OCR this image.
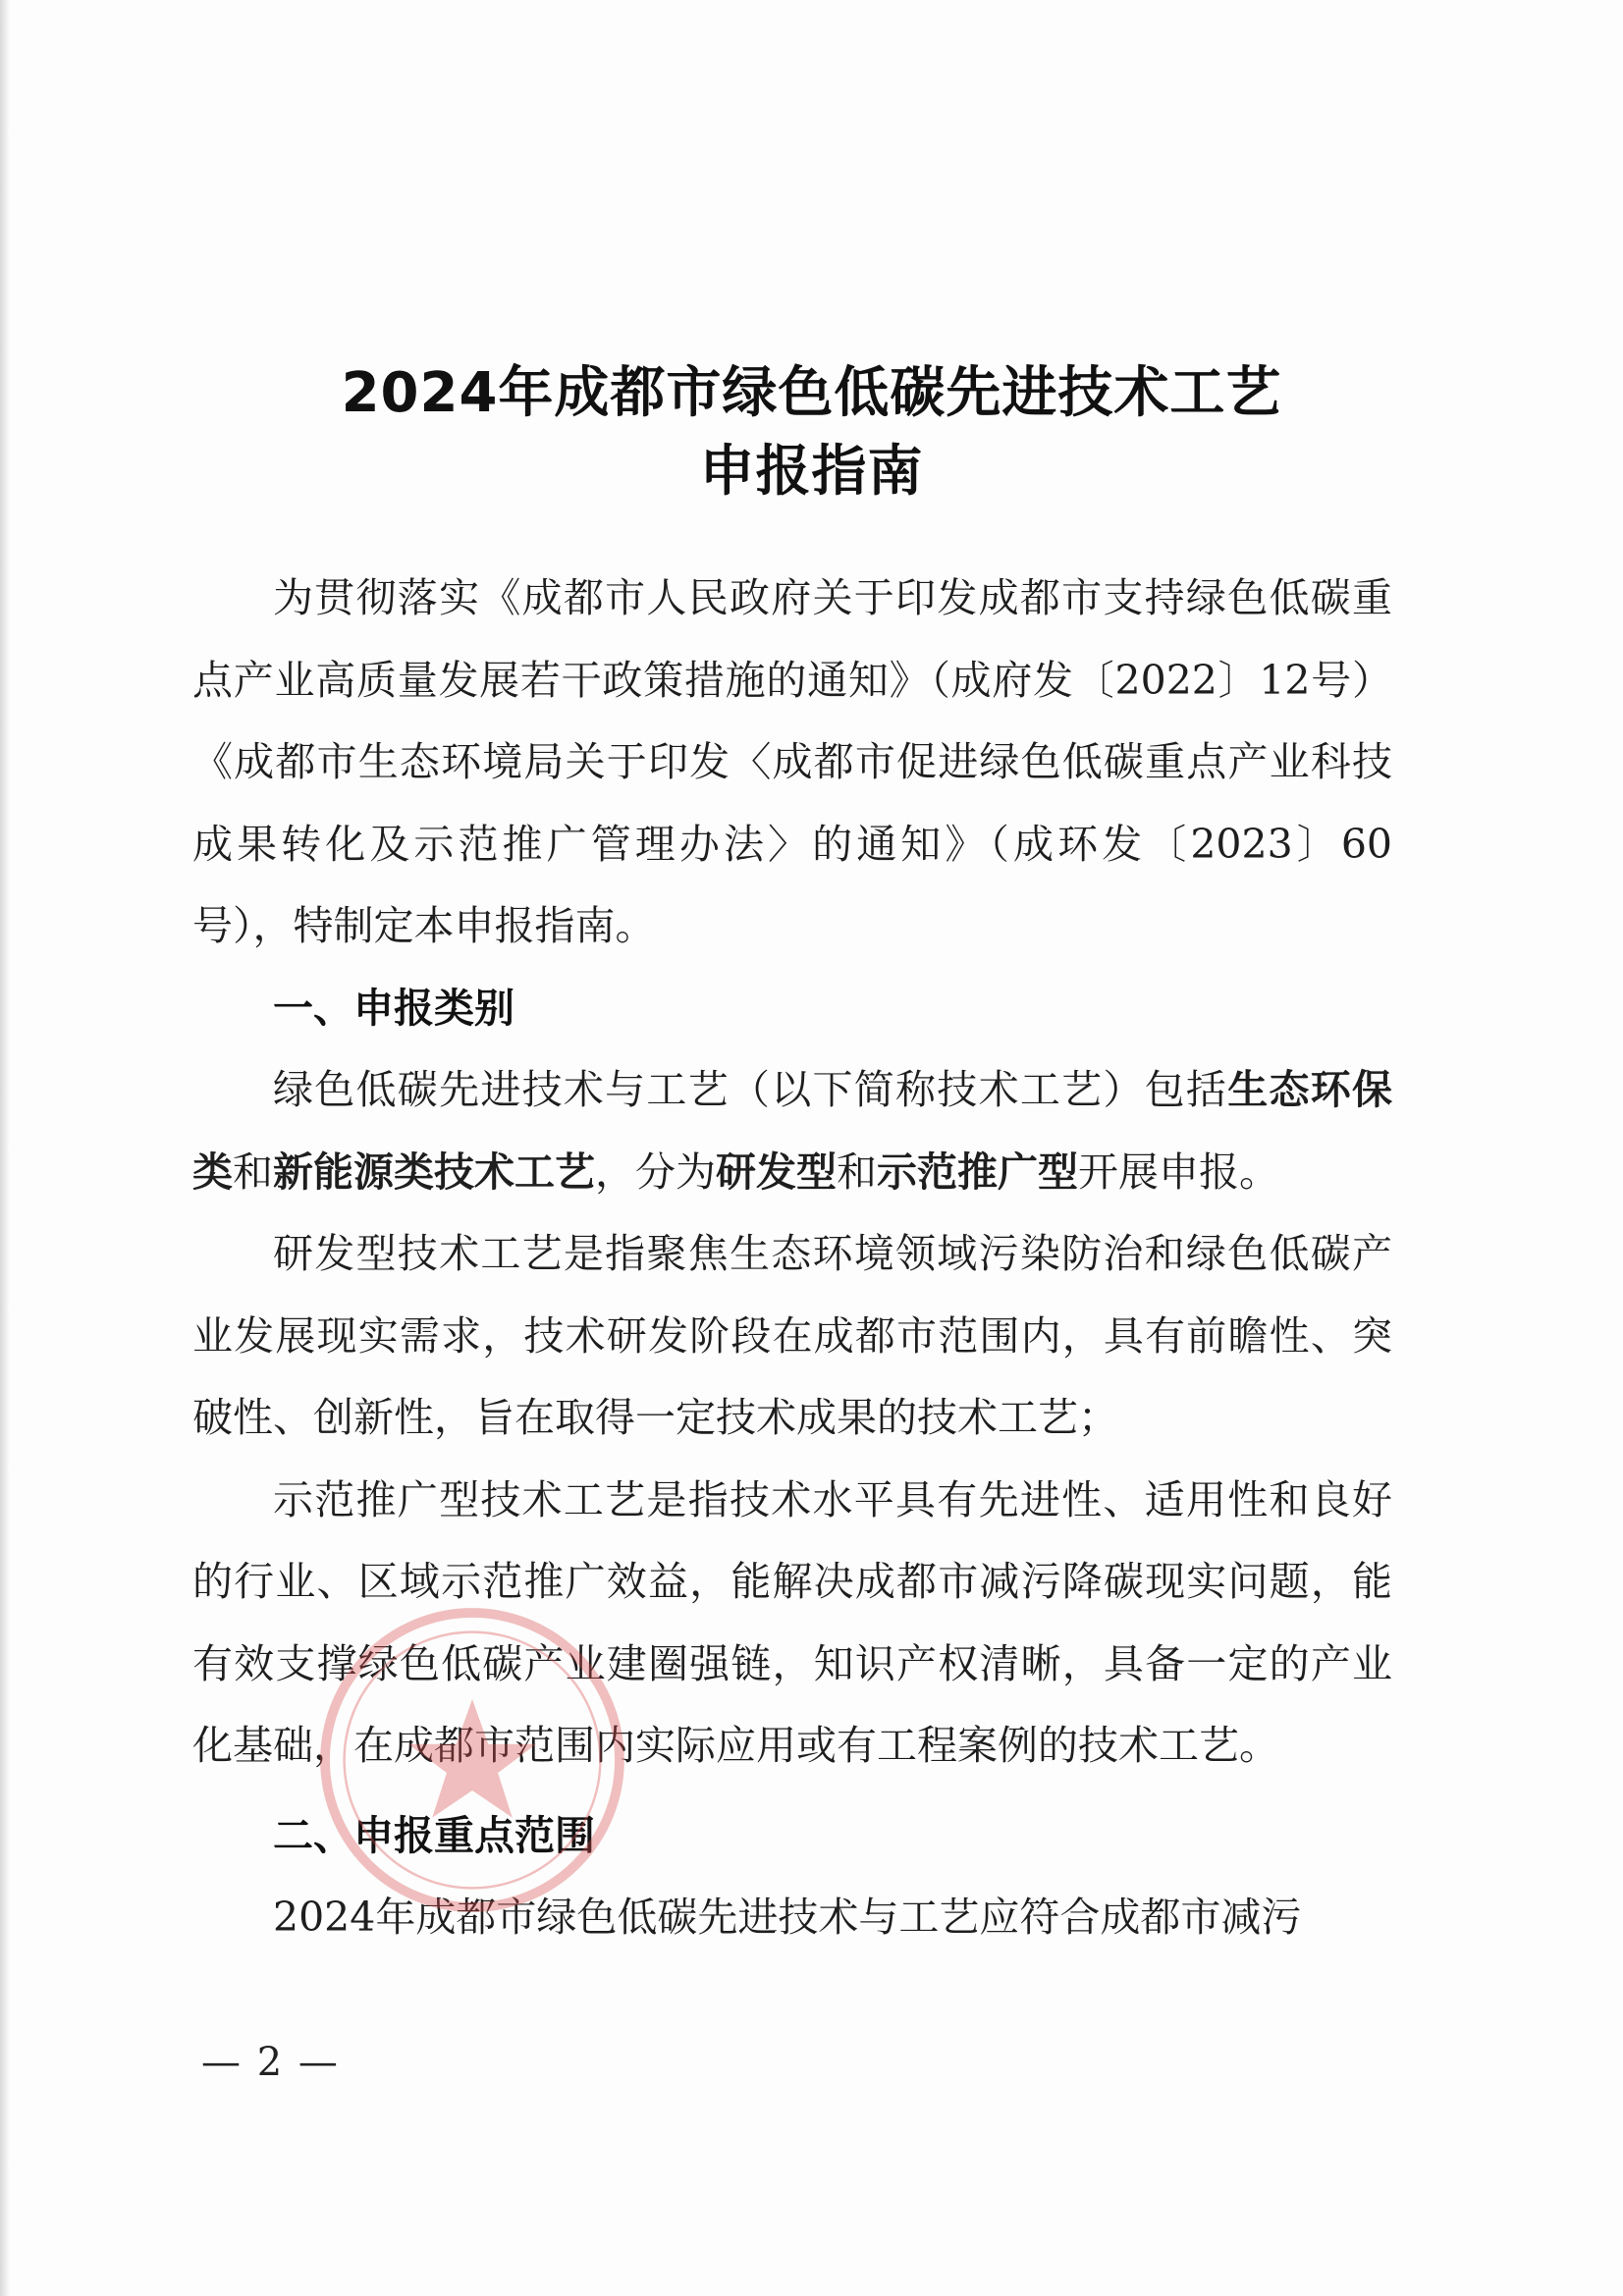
2024年成都市绿色低碳先进技术工艺
申报指南

为贯彻落实《成都市人民政府关于印发成都市支持绿色低碳重点产业高质量发展若干政策措施的通知》（成府发〔2022〕12号）《成都市生态环境局关于印发〈成都市促进绿色低碳重点产业科技成果转化及示范推广管理办法〉的通知》（成环发〔2023〕60号），特制定本申报指南。

一、申报类别

绿色低碳先进技术与工艺（以下简称技术工艺）包括生态环保类和新能源类技术工艺，分为研发型和示范推广型开展申报。

研发型技术工艺是指聚焦生态环境领域污染防治和绿色低碳产业发展现实需求，技术研发阶段在成都市范围内，具有前瞻性、突破性、创新性，旨在取得一定技术成果的技术工艺；

示范推广型技术工艺是指技术水平具有先进性、适用性和良好的行业、区域示范推广效益，能解决成都市减污降碳现实问题，能有效支撑绿色低碳产业建圈强链，知识产权清晰，具备一定的产业化基础，在成都市范围内实际应用或有工程案例的技术工艺。

二、申报重点范围

2024年成都市绿色低碳先进技术与工艺应符合成都市减污

— 2 —
